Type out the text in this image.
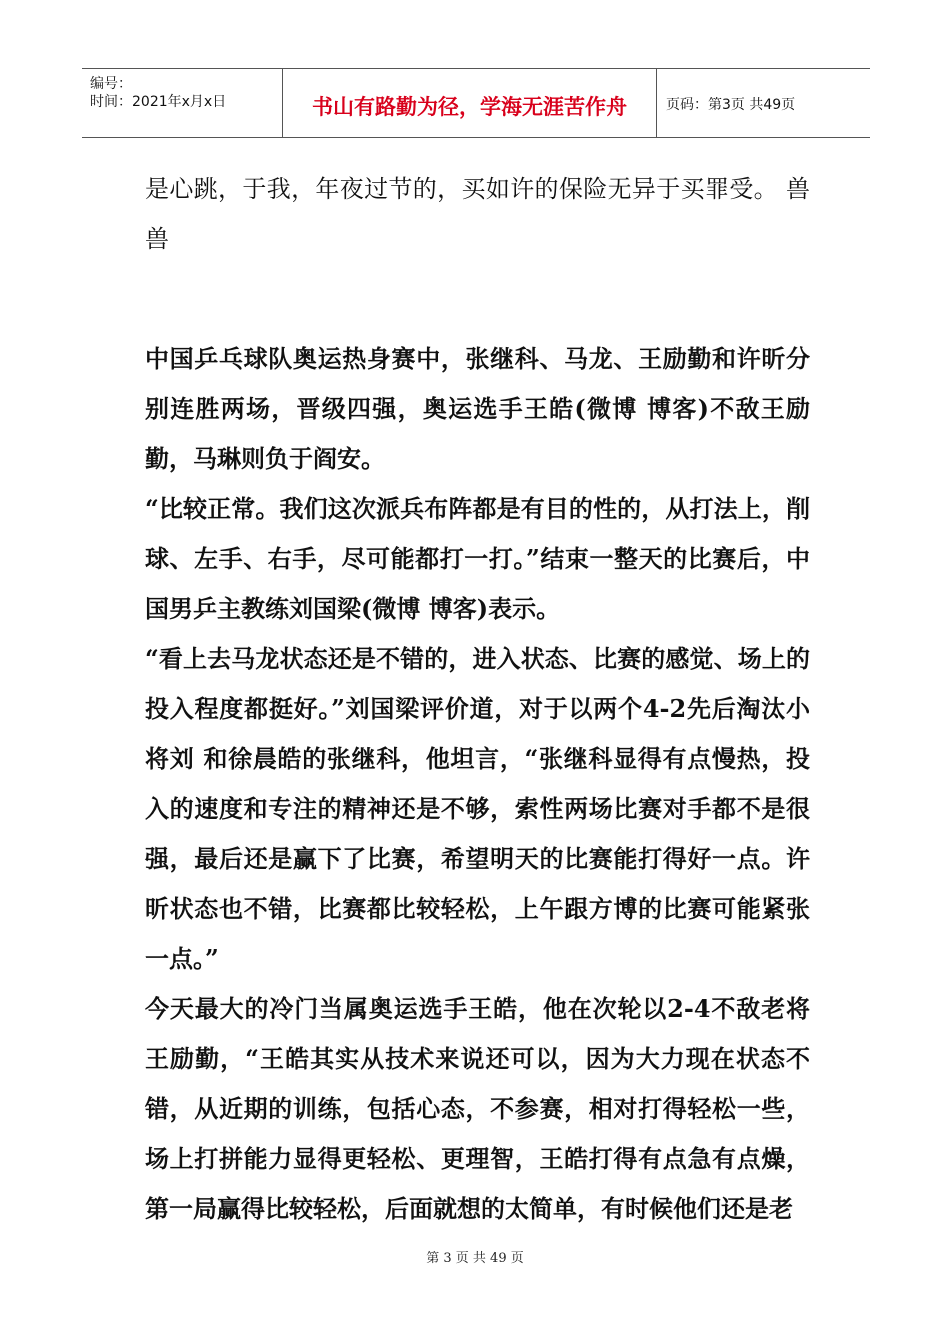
编号：
时间：2021年x月x日	书山有路勤为径，学海无涯苦作舟	页码：第3页 共49页

是心跳，于我，年夜过节的，买如许的保险无异于买罪受。 兽兽

中国乒乓球队奥运热身赛中，张继科、马龙、王励勤和许昕分别连胜两场，晋级四强，奥运选手王皓(微博 博客)不敌王励勤，马琳则负于阎安。

“比较正常。我们这次派兵布阵都是有目的性的，从打法上，削球、左手、右手，尽可能都打一打。”结束一整天的比赛后，中国男乒主教练刘国梁(微博 博客)表示。

“看上去马龙状态还是不错的，进入状态、比赛的感觉、场上的投入程度都挺好。”刘国梁评价道，对于以两个4-2先后淘汰小将刘 和徐晨皓的张继科，他坦言，“张继科显得有点慢热，投入的速度和专注的精神还是不够，索性两场比赛对手都不是很强，最后还是赢下了比赛，希望明天的比赛能打得好一点。许昕状态也不错，比赛都比较轻松，上午跟方博的比赛可能紧张一点。”

今天最大的冷门当属奥运选手王皓，他在次轮以2-4不敌老将王励勤，“王皓其实从技术来说还可以，因为大力现在状态不错，从近期的训练，包括心态，不参赛，相对打得轻松一些，场上打拼能力显得更轻松、更理智，王皓打得有点急有点燥，第一局赢得比较轻松，后面就想的太简单，有时候他们还是老

第 3 页 共 49 页
